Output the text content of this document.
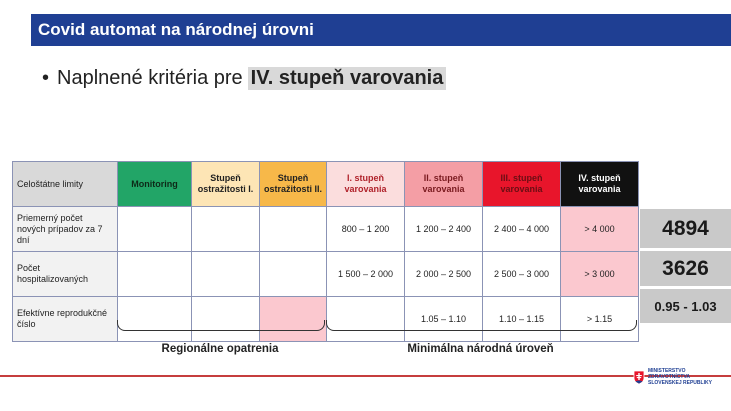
Covid automat na národnej úrovni
• Naplnené kritéria pre IV. stupeň varovania
Celoštátne limity	Monitoring	Stupeň ostražitosti I.	Stupeň ostražitosti II.	I. stupeň varovania	II. stupeň varovania	III. stupeň varovania	IV. stupeň varovania
Priemerný počet nových prípadov za 7 dní				800 – 1 200	1 200 – 2 400	2 400 – 4 000	> 4 000
Počet hospitalizovaných				1 500 – 2 000	2 000 – 2 500	2 500 – 3 000	> 3 000
Efektívne reprodukčné číslo					1.05 – 1.10	1.10 – 1.15	> 1.15
4894
3626
0.95 - 1.03
Regionálne opatrenia	Minimálna národná úroveň
MINISTERSTVO
ZDRAVOTNÍCTVA
SLOVENSKEJ REPUBLIKY
